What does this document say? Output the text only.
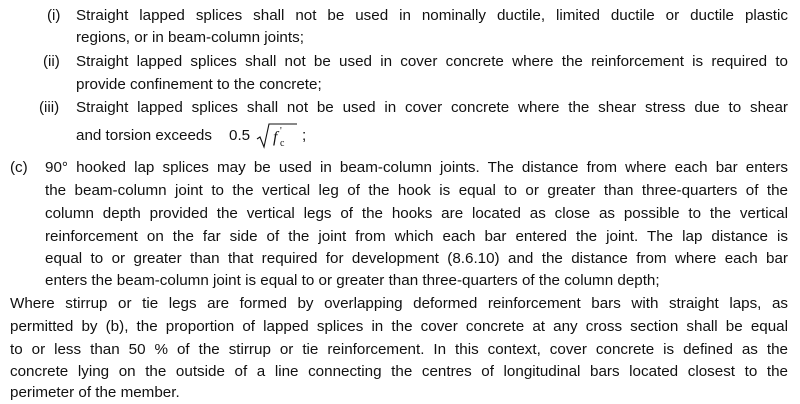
(i) Straight lapped splices shall not be used in nominally ductile, limited ductile or ductile plastic
regions, or in beam-column joints;
(ii) Straight lapped splices shall not be used in cover concrete where the reinforcement is required to
provide confinement to the concrete;
(iii) Straight lapped splices shall not be used in cover concrete where the shear stress due to shear
and torsion exceeds 0.5 f '
c ;
(c) 90° hooked lap splices may be used in beam-column joints. The distance from where each bar enters
the beam-column joint to the vertical leg of the hook is equal to or greater than three-quarters of the
column depth provided the vertical legs of the hooks are located as close as possible to the vertical
reinforcement on the far side of the joint from which each bar entered the joint. The lap distance is
equal to or greater than that required for development (8.6.10) and the distance from where each bar
enters the beam-column joint is equal to or greater than three-quarters of the column depth;
Where stirrup or tie legs are formed by overlapping deformed reinforcement bars with straight laps, as
permitted by (b), the proportion of lapped splices in the cover concrete at any cross section shall be equal
to or less than 50 % of the stirrup or tie reinforcement. In this context, cover concrete is defined as the
concrete lying on the outside of a line connecting the centres of longitudinal bars located closest to the
perimeter of the member.
